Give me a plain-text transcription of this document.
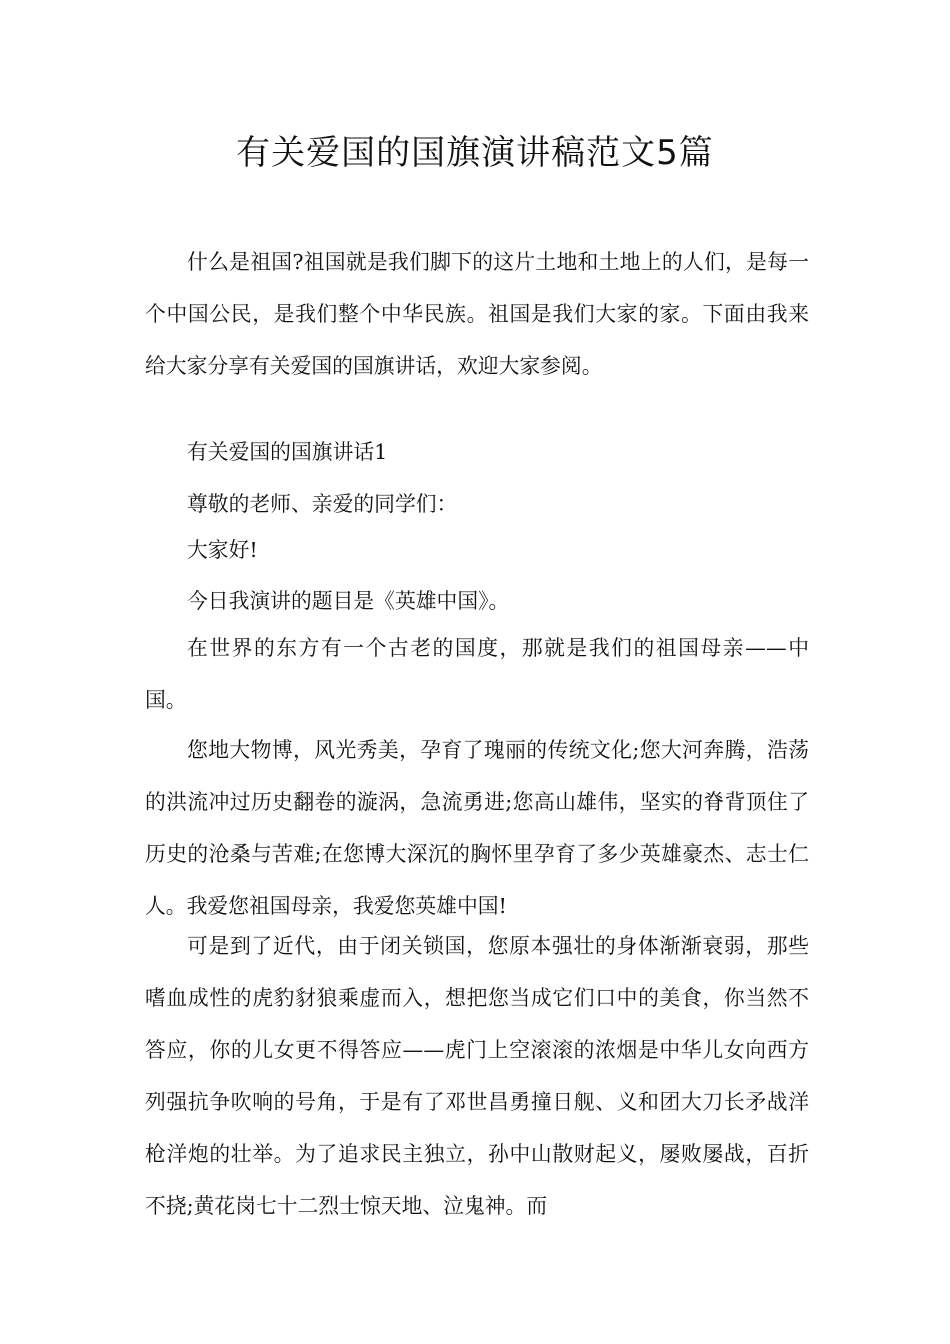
有关爱国的国旗演讲稿范文5篇

什么是祖国?祖国就是我们脚下的这片土地和土地上的人们，是每一个中国公民，是我们整个中华民族。祖国是我们大家的家。下面由我来给大家分享有关爱国的国旗讲话，欢迎大家参阅。

有关爱国的国旗讲话1

尊敬的老师、亲爱的同学们：

大家好!

今日我演讲的题目是《英雄中国》。

在世界的东方有一个古老的国度，那就是我们的祖国母亲——中国。

您地大物博，风光秀美，孕育了瑰丽的传统文化;您大河奔腾，浩荡的洪流冲过历史翻卷的漩涡，急流勇进;您高山雄伟，坚实的脊背顶住了历史的沧桑与苦难;在您博大深沉的胸怀里孕育了多少英雄豪杰、志士仁人。我爱您祖国母亲，我爱您英雄中国!

可是到了近代，由于闭关锁国，您原本强壮的身体渐渐衰弱，那些嗜血成性的虎豹豺狼乘虚而入，想把您当成它们口中的美食，你当然不答应，你的儿女更不得答应——虎门上空滚滚的浓烟是中华儿女向西方列强抗争吹响的号角，于是有了邓世昌勇撞日舰、义和团大刀长矛战洋枪洋炮的壮举。为了追求民主独立，孙中山散财起义，屡败屡战，百折不挠;黄花岗七十二烈士惊天地、泣鬼神。而
